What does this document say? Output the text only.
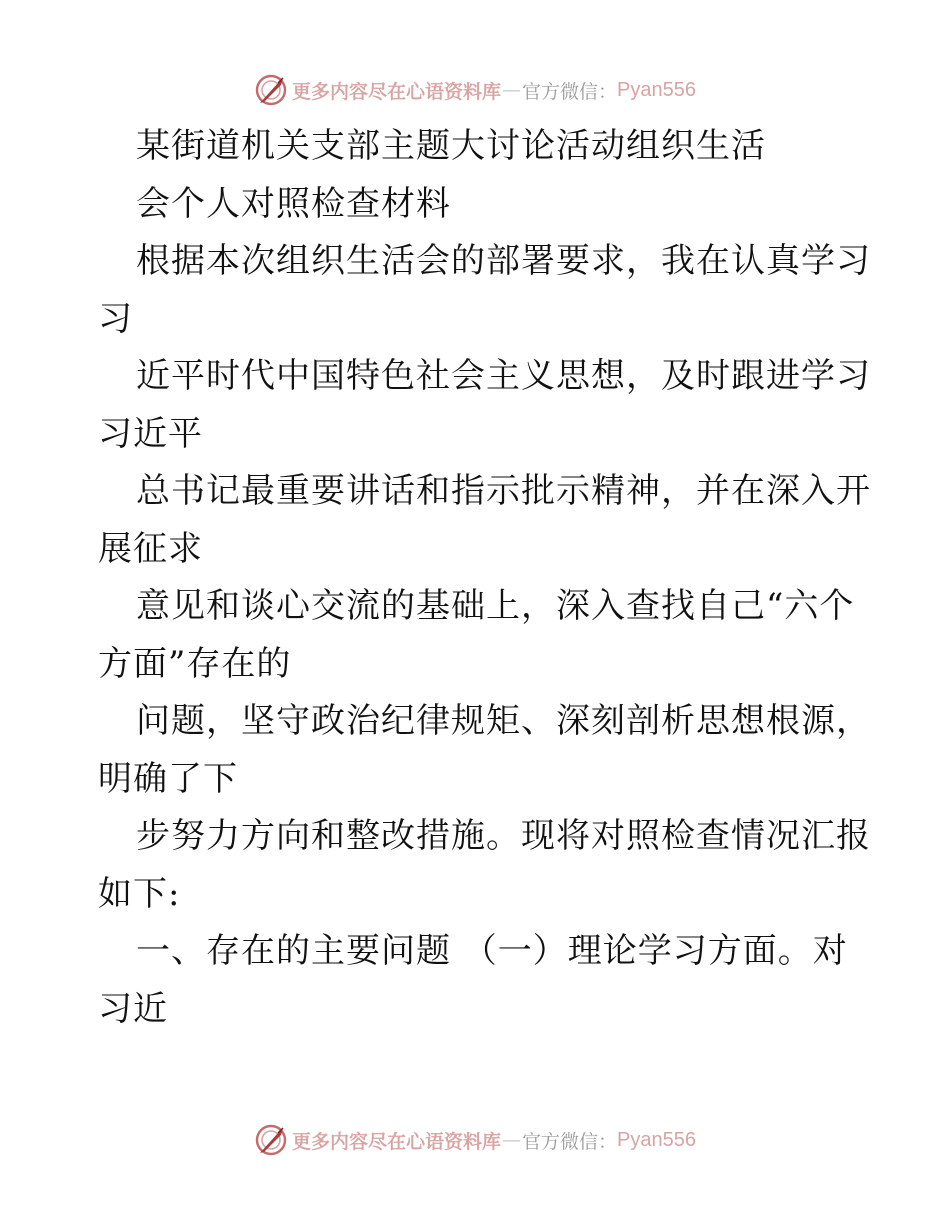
更多内容尽在心语资料库 — 官方微信： Pyan556
某街道机关支部主题大讨论活动组织生活
会个人对照检查材料
根据本次组织生活会的部署要求，我在认真学习
习
近平时代中国特色社会主义思想，及时跟进学习
习近平
总书记最重要讲话和指示批示精神，并在深入开
展征求
意见和谈心交流的基础上，深入查找自己“六个
方面”存在的
问题，坚守政治纪律规矩、深刻剖析思想根源，
明确了下
步努力方向和整改措施。现将对照检查情况汇报
如下:
一、存在的主要问题 （一）理论学习方面。对
习近
更多内容尽在心语资料库 — 官方微信： Pyan556
